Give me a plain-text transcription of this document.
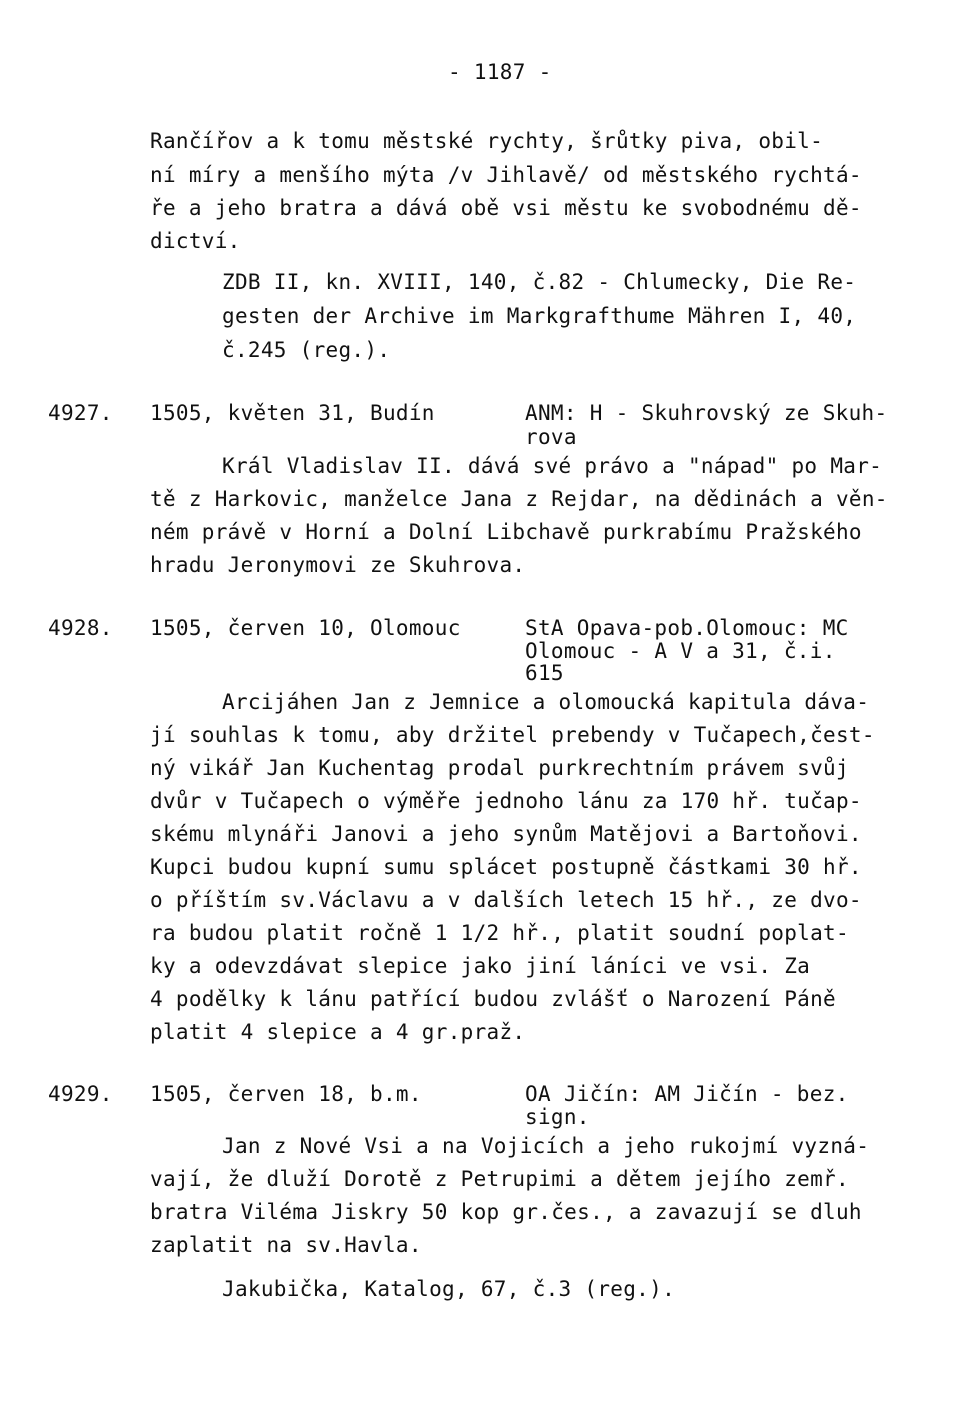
- 1187 -
Rančířov a k tomu městské rychty, šrůtky piva, obil-
ní míry a menšího mýta /v Jihlavě/ od městského rychtá-
ře a jeho bratra a dává obě vsi městu ke svobodnému dě-
dictví.
ZDB II, kn. XVIII, 140, č.82 - Chlumecky, Die Re-
gesten der Archive im Markgrafthume Mähren I, 40,
č.245 (reg.).
4927. 1505, květen 31, Budín	ANM: H - Skuhrovský ze Skuh-
rova
Král Vladislav II. dává své právo a "nápad" po Mar-
tě z Harkovic, manželce Jana z Rejdar, na dědinách a věn-
ném právě v Horní a Dolní Libchavě purkrabímu Pražského
hradu Jeronymovi ze Skuhrova.
4928. 1505, červen 10, Olomouc	StA Opava-pob.Olomouc: MC
Olomouc - A V a 31, č.i.
615
Arcijáhen Jan z Jemnice a olomoucká kapitula dáva-
jí souhlas k tomu, aby držitel prebendy v Tučapech,čest-
ný vikář Jan Kuchentag prodal purkrechtním právem svůj
dvůr v Tučapech o výměře jednoho lánu za 170 hř. tučap-
skému mlynáři Janovi a jeho synům Matějovi a Bartoňovi.
Kupci budou kupní sumu splácet postupně částkami 30 hř.
o příštím sv.Václavu a v dalších letech 15 hř., ze dvo-
ra budou platit ročně 1 1/2 hř., platit soudní poplat-
ky a odevzdávat slepice jako jiní láníci ve vsi. Za
4 podělky k lánu patřící budou zvlášť o Narození Páně
platit 4 slepice a 4 gr.praž.
4929. 1505, červen 18, b.m.	OA Jičín: AM Jičín - bez.
sign.
Jan z Nové Vsi a na Vojicích a jeho rukojmí vyzná-
vají, že dluží Dorotě z Petrupimi a dětem jejího zemř.
bratra Viléma Jiskry 50 kop gr.čes., a zavazují se dluh
zaplatit na sv.Havla.
Jakubička, Katalog, 67, č.3 (reg.).
